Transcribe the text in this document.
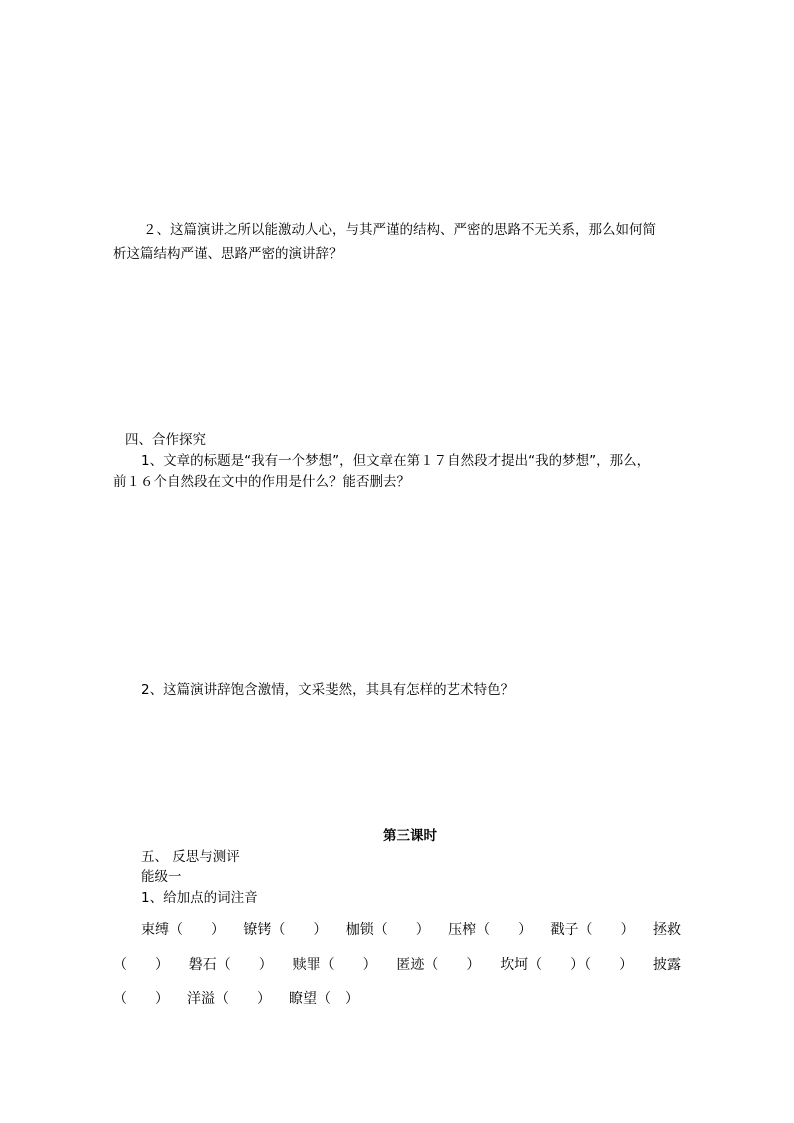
２、这篇演讲之所以能激动人心，与其严谨的结构、严密的思路不无关系，那么如何简
析这篇结构严谨、思路严密的演讲辞？
四、合作探究
1、文章的标题是“我有一个梦想”，但文章在第１７自然段才提出“我的梦想”，那么，
前１６个自然段在文中的作用是什么？能否删去？
2、这篇演讲辞饱含激情，文采斐然，其具有怎样的艺术特色？
第三课时
五、 反思与测评
能级一
1、给加点的词注音
束缚（　　） 镣铐（　　） 枷锁（　　） 压榨（　　） 戳子（　　） 拯救
（　　） 磐石（　　） 赎罪（　　） 匿迹（　　） 坎坷（　　）（　　） 披露
（　　） 洋溢（　　） 瞭望（　）
